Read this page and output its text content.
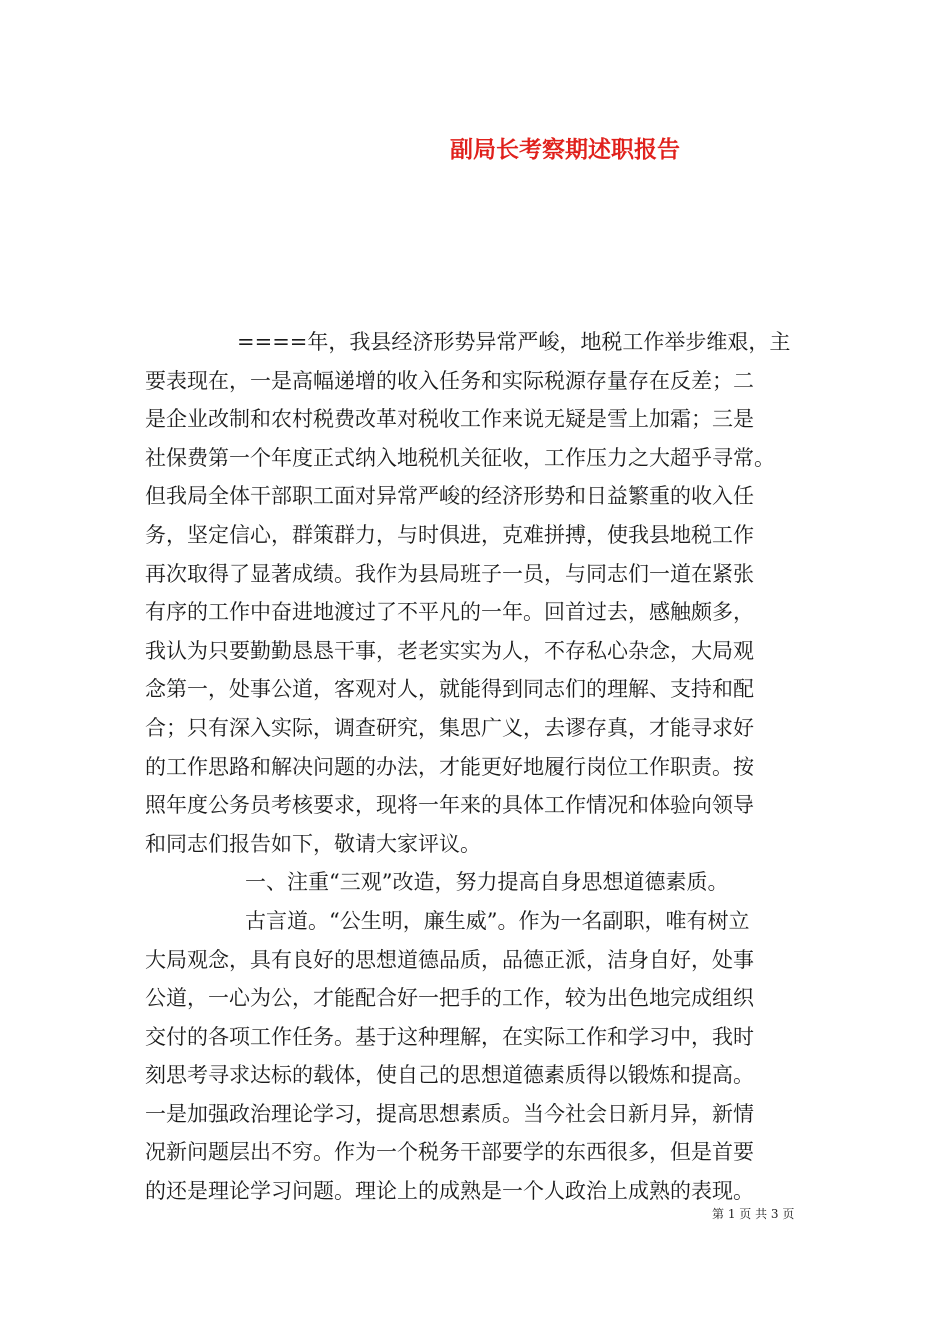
副局长考察期述职报告
====年，我县经济形势异常严峻，地税工作举步维艰，主
要表现在，一是高幅递增的收入任务和实际税源存量存在反差；二
是企业改制和农村税费改革对税收工作来说无疑是雪上加霜；三是
社保费第一个年度正式纳入地税机关征收，工作压力之大超乎寻常。
但我局全体干部职工面对异常严峻的经济形势和日益繁重的收入任
务，坚定信心，群策群力，与时俱进，克难拼搏，使我县地税工作
再次取得了显著成绩。我作为县局班子一员，与同志们一道在紧张
有序的工作中奋进地渡过了不平凡的一年。回首过去，感触颇多，
我认为只要勤勤恳恳干事，老老实实为人，不存私心杂念，大局观
念第一，处事公道，客观对人，就能得到同志们的理解、支持和配
合；只有深入实际，调查研究，集思广义，去谬存真，才能寻求好
的工作思路和解决问题的办法，才能更好地履行岗位工作职责。按
照年度公务员考核要求，现将一年来的具体工作情况和体验向领导
和同志们报告如下，敬请大家评议。
一、注重“三观”改造，努力提高自身思想道德素质。
古言道。“公生明，廉生威”。作为一名副职，唯有树立
大局观念，具有良好的思想道德品质，品德正派，洁身自好，处事
公道，一心为公，才能配合好一把手的工作，较为出色地完成组织
交付的各项工作任务。基于这种理解，在实际工作和学习中，我时
刻思考寻求达标的载体，使自己的思想道德素质得以锻炼和提高。
一是加强政治理论学习，提高思想素质。当今社会日新月异，新情
况新问题层出不穷。作为一个税务干部要学的东西很多，但是首要
的还是理论学习问题。理论上的成熟是一个人政治上成熟的表现。
第 1 页 共 3 页
